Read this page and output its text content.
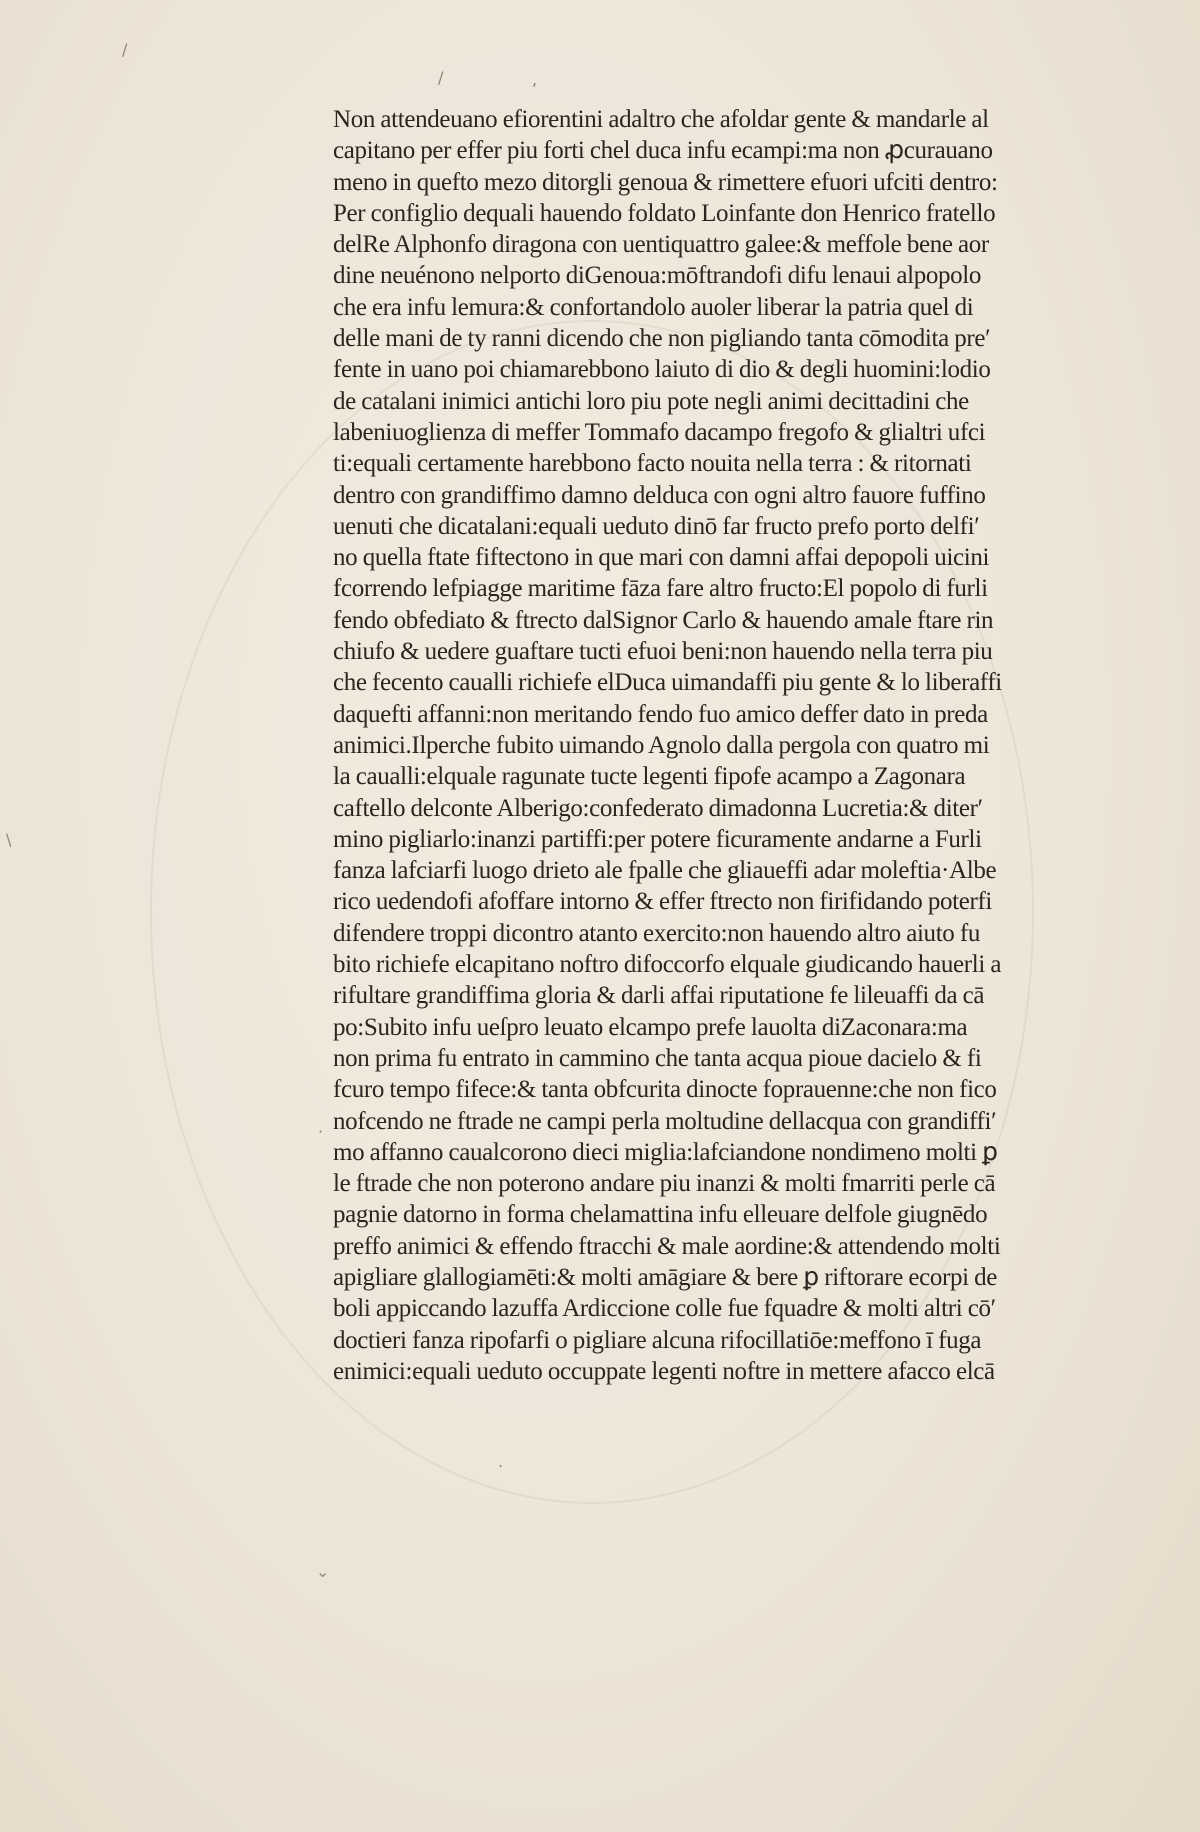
/
/	,
\
·
.
⌄
Non attendeuano efiorentini adaltro che afoldar gente & mandarle al
capitano per effer piu forti chel duca infu ecampi:ma non ꝓcurauano
meno in quefto mezo ditorgli genoua & rimettere efuori ufciti dentro:
Per configlio dequali hauendo foldato Loinfante don Henrico fratello
delRe Alphonfo diragona con uentiquattro galee:& meffole bene aor
dine neuénono nelporto diGenoua:mōftrandofi difu lenaui alpopolo
che era infu lemura:& confortandolo auoler liberar la patria quel di
delle mani de ty ranni dicendo che non pigliando tanta cōmodita pre′
fente in uano poi chiamarebbono laiuto di dio & degli huomini:lodio
de catalani inimici antichi loro piu pote negli animi decittadini che
labeniuoglienza di meffer Tommafo dacampo fregofo & glialtri ufci
ti:equali certamente harebbono facto nouita nella terra : & ritornati
dentro con grandiffimo damno delduca con ogni altro fauore fuffino
uenuti che dicatalani:equali ueduto dinō far fructo prefo porto delfi′
no quella ftate fiftectono in que mari con damni affai depopoli uicini
fcorrendo lefpiagge maritime fāza fare altro fructo:El popolo di furli
fendo obfediato & ftrecto dalSignor Carlo & hauendo amale ftare rin
chiufo & uedere guaftare tucti efuoi beni:non hauendo nella terra piu
che fecento caualli richiefe elDuca uimandaffi piu gente & lo liberaffi
daquefti affanni:non meritando fendo fuo amico deffer dato in preda
animici.Ilperche fubito uimando Agnolo dalla pergola con quatro mi
la caualli:elquale ragunate tucte legenti fipofe acampo a Zagonara
caftello delconte Alberigo:confederato dimadonna Lucretia:& diter′
mino pigliarlo:inanzi partiffi:per potere ficuramente andarne a Furli
fanza lafciarfi luogo drieto ale fpalle che gliaueffi adar moleftia·Albe
rico uedendofi afoffare intorno & effer ftrecto non firifidando poterfi
difendere troppi dicontro atanto exercito:non hauendo altro aiuto fu
bito richiefe elcapitano noftro difoccorfo elquale giudicando hauerli a
rifultare grandiffima gloria & darli affai riputatione fe lileuaffi da cā
po:Subito infu ueſpro leuato elcampo prefe lauolta diZaconara:ma
non prima fu entrato in cammino che tanta acqua pioue dacielo & fi
fcuro tempo fifece:& tanta obfcurita dinocte foprauenne:che non fico
nofcendo ne ftrade ne campi perla moltudine dellacqua con grandiffi′
mo affanno caualcorono dieci miglia:lafciandone nondimeno molti ꝑ
le ftrade che non poterono andare piu inanzi & molti fmarriti perle cā
pagnie datorno in forma chelamattina infu elleuare delfole giugnēdo
preffo animici & effendo ftracchi & male aordine:& attendendo molti
apigliare glallogiamēti:& molti amāgiare & bere ꝑ riftorare ecorpi de
boli appiccando lazuffa Ardiccione colle fue fquadre & molti altri cō′
doctieri fanza ripofarfi o pigliare alcuna rifocillatiōe:meffono ī fuga
enimici:equali ueduto occuppate legenti noftre in mettere afacco elcā
